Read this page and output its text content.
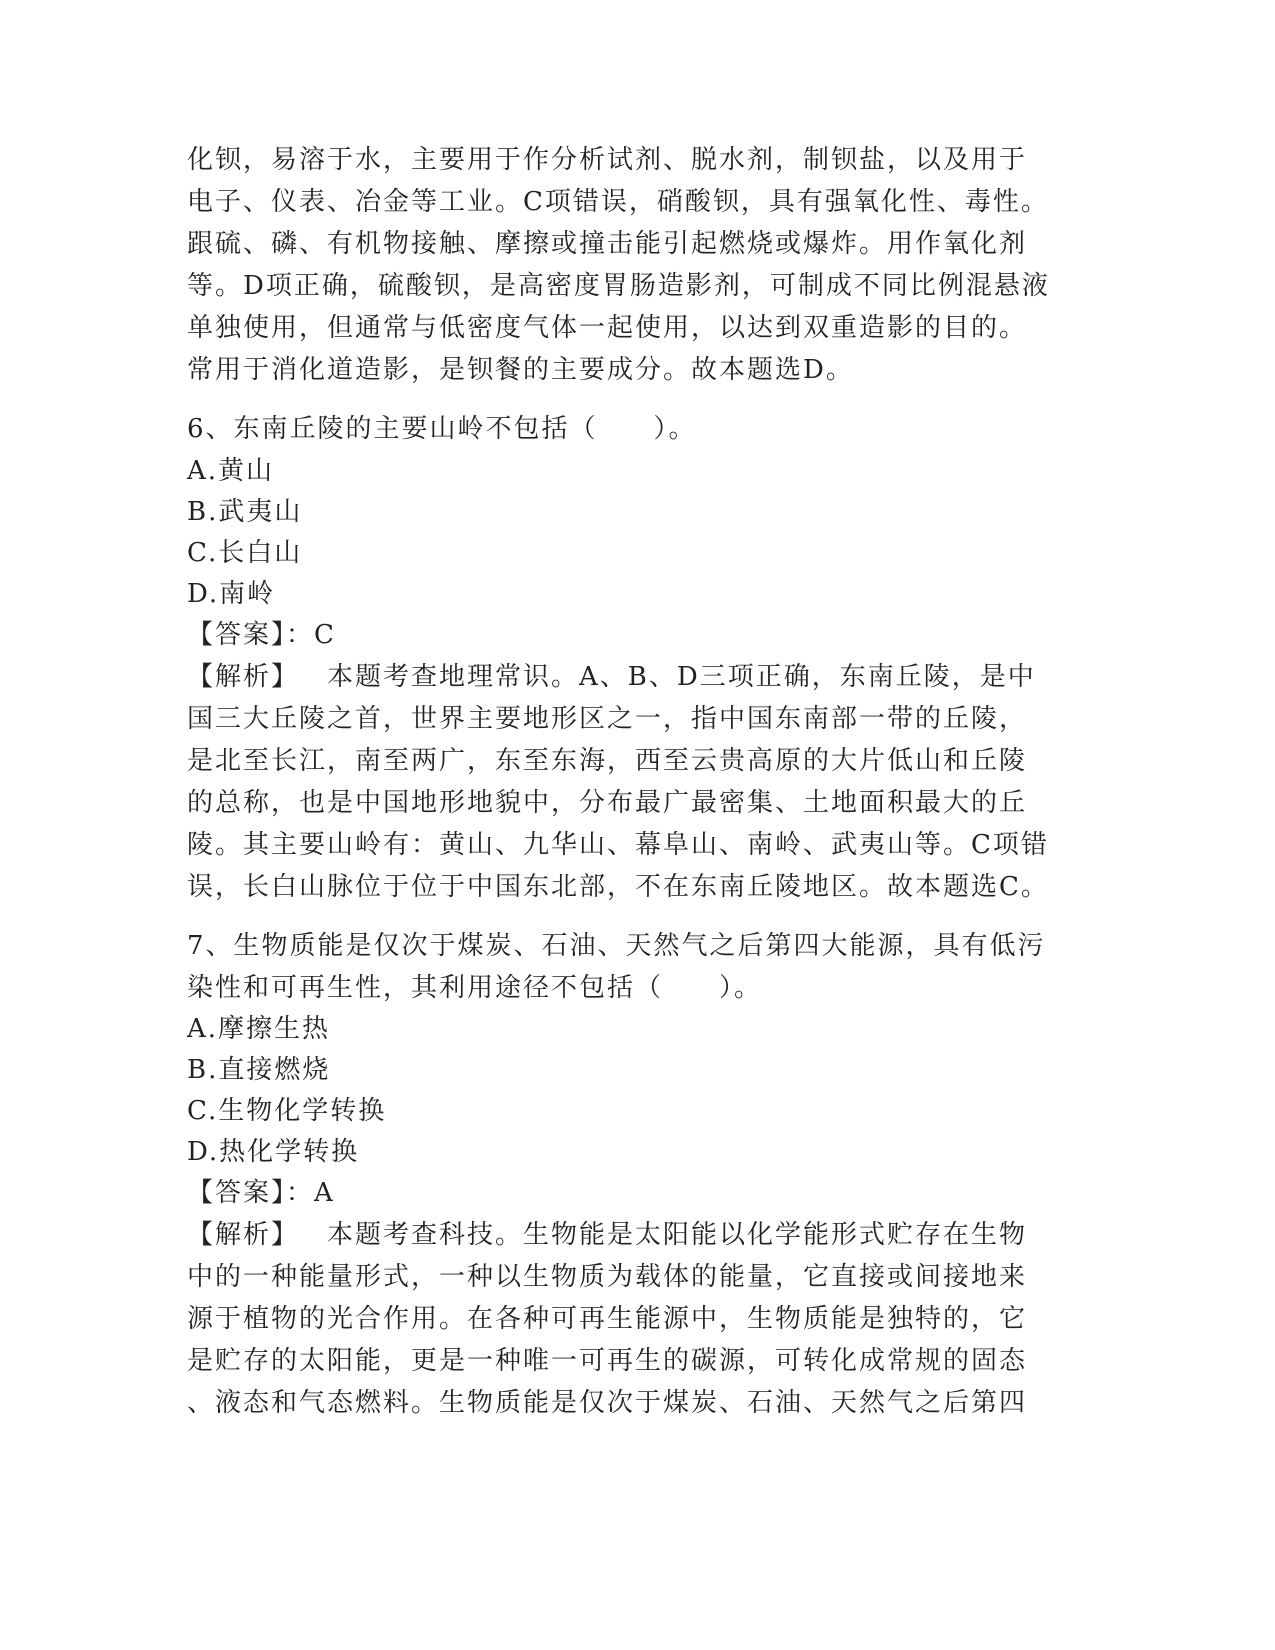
化钡，易溶于水，主要用于作分析试剂、脱水剂，制钡盐，以及用于
电子、仪表、冶金等工业。C项错误，硝酸钡，具有强氧化性、毒性。
跟硫、磷、有机物接触、摩擦或撞击能引起燃烧或爆炸。用作氧化剂
等。D项正确，硫酸钡，是高密度胃肠造影剂，可制成不同比例混悬液
单独使用，但通常与低密度气体一起使用，以达到双重造影的目的。
常用于消化道造影，是钡餐的主要成分。故本题选D。
6、东南丘陵的主要山岭不包括（　　）。
A.黄山
B.武夷山
C.长白山
D.南岭
【答案】：C
【解析】 本题考查地理常识。A、B、D三项正确，东南丘陵，是中
国三大丘陵之首，世界主要地形区之一，指中国东南部一带的丘陵，
是北至长江，南至两广，东至东海，西至云贵高原的大片低山和丘陵
的总称，也是中国地形地貌中，分布最广最密集、土地面积最大的丘
陵。其主要山岭有：黄山、九华山、幕阜山、南岭、武夷山等。C项错
误，长白山脉位于位于中国东北部，不在东南丘陵地区。故本题选C。
7、生物质能是仅次于煤炭、石油、天然气之后第四大能源，具有低污
染性和可再生性，其利用途径不包括（　　）。
A.摩擦生热
B.直接燃烧
C.生物化学转换
D.热化学转换
【答案】：A
【解析】 本题考查科技。生物能是太阳能以化学能形式贮存在生物
中的一种能量形式，一种以生物质为载体的能量，它直接或间接地来
源于植物的光合作用。在各种可再生能源中，生物质能是独特的，它
是贮存的太阳能，更是一种唯一可再生的碳源，可转化成常规的固态
、液态和气态燃料。生物质能是仅次于煤炭、石油、天然气之后第四
